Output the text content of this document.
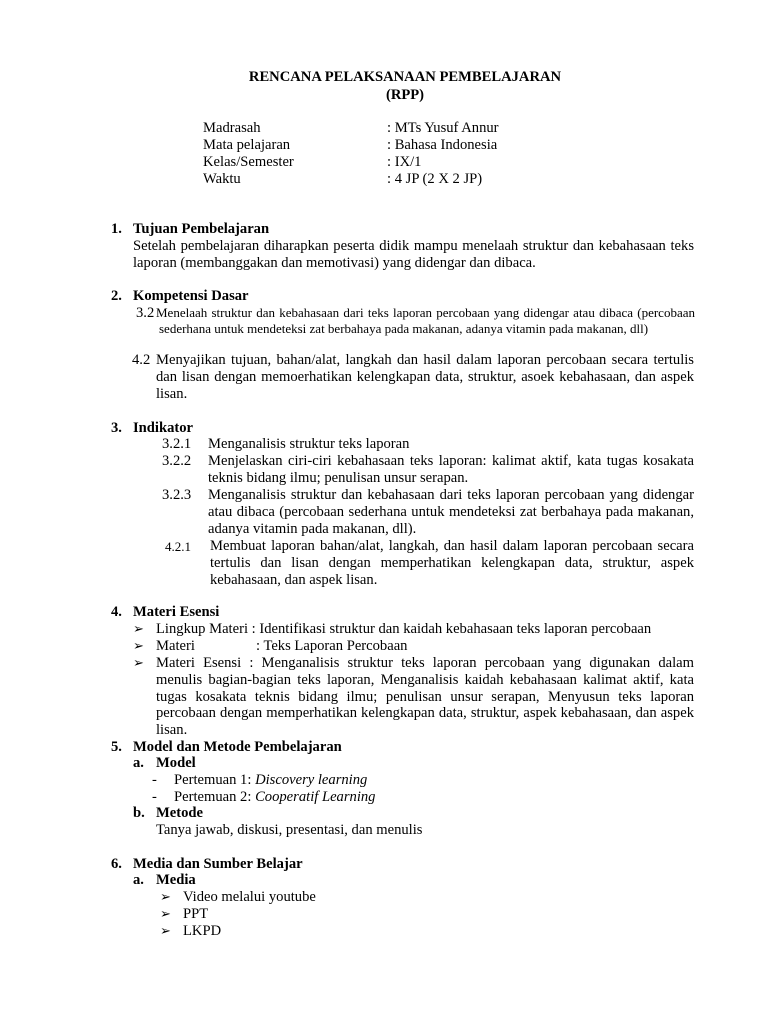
RENCANA PELAKSANAAN PEMBELAJARAN
(RPP)
Madrasah	: MTs Yusuf Annur
Mata pelajaran	: Bahasa Indonesia
Kelas/Semester	: IX/1
Waktu	: 4 JP (2 X 2 JP)
1. Tujuan Pembelajaran
Setelah pembelajaran diharapkan peserta didik mampu menelaah struktur dan kebahasaan teks laporan (membanggakan dan memotivasi) yang didengar dan dibaca.
2. Kompetensi Dasar
3.2 Menelaah struktur dan kebahasaan dari teks laporan percobaan yang didengar atau dibaca (percobaan sederhana untuk mendeteksi zat berbahaya pada makanan, adanya vitamin pada makanan, dll)
4.2 Menyajikan tujuan, bahan/alat, langkah dan hasil dalam laporan percobaan secara tertulis dan lisan dengan memoerhatikan kelengkapan data, struktur, asoek kebahasaan, dan aspek lisan.
3. Indikator
3.2.1 Menganalisis struktur teks laporan
3.2.2 Menjelaskan ciri-ciri kebahasaan teks laporan: kalimat aktif, kata tugas kosakata teknis bidang ilmu; penulisan unsur serapan.
3.2.3 Menganalisis struktur dan kebahasaan dari teks laporan percobaan yang didengar atau dibaca (percobaan sederhana untuk mendeteksi zat berbahaya pada makanan, adanya vitamin pada makanan, dll).
4.2.1 Membuat laporan bahan/alat, langkah, dan hasil dalam laporan percobaan secara tertulis dan lisan dengan memperhatikan kelengkapan data, struktur, aspek kebahasaan, dan aspek lisan.
4. Materi Esensi
➢ Lingkup Materi : Identifikasi struktur dan kaidah kebahasaan teks laporan percobaan
➢ Materi	: Teks Laporan Percobaan
➢ Materi Esensi : Menganalisis struktur teks laporan percobaan yang digunakan dalam menulis bagian-bagian teks laporan, Menganalisis kaidah kebahasaan kalimat aktif, kata tugas kosakata teknis bidang ilmu; penulisan unsur serapan, Menyusun teks laporan percobaan dengan memperhatikan kelengkapan data, struktur, aspek kebahasaan, dan aspek lisan.
5. Model dan Metode Pembelajaran
a. Model
- Pertemuan 1: Discovery learning
- Pertemuan 2: Cooperatif Learning
b. Metode
Tanya jawab, diskusi, presentasi, dan menulis
6. Media dan Sumber Belajar
a. Media
➢ Video melalui youtube
➢ PPT
➢ LKPD
